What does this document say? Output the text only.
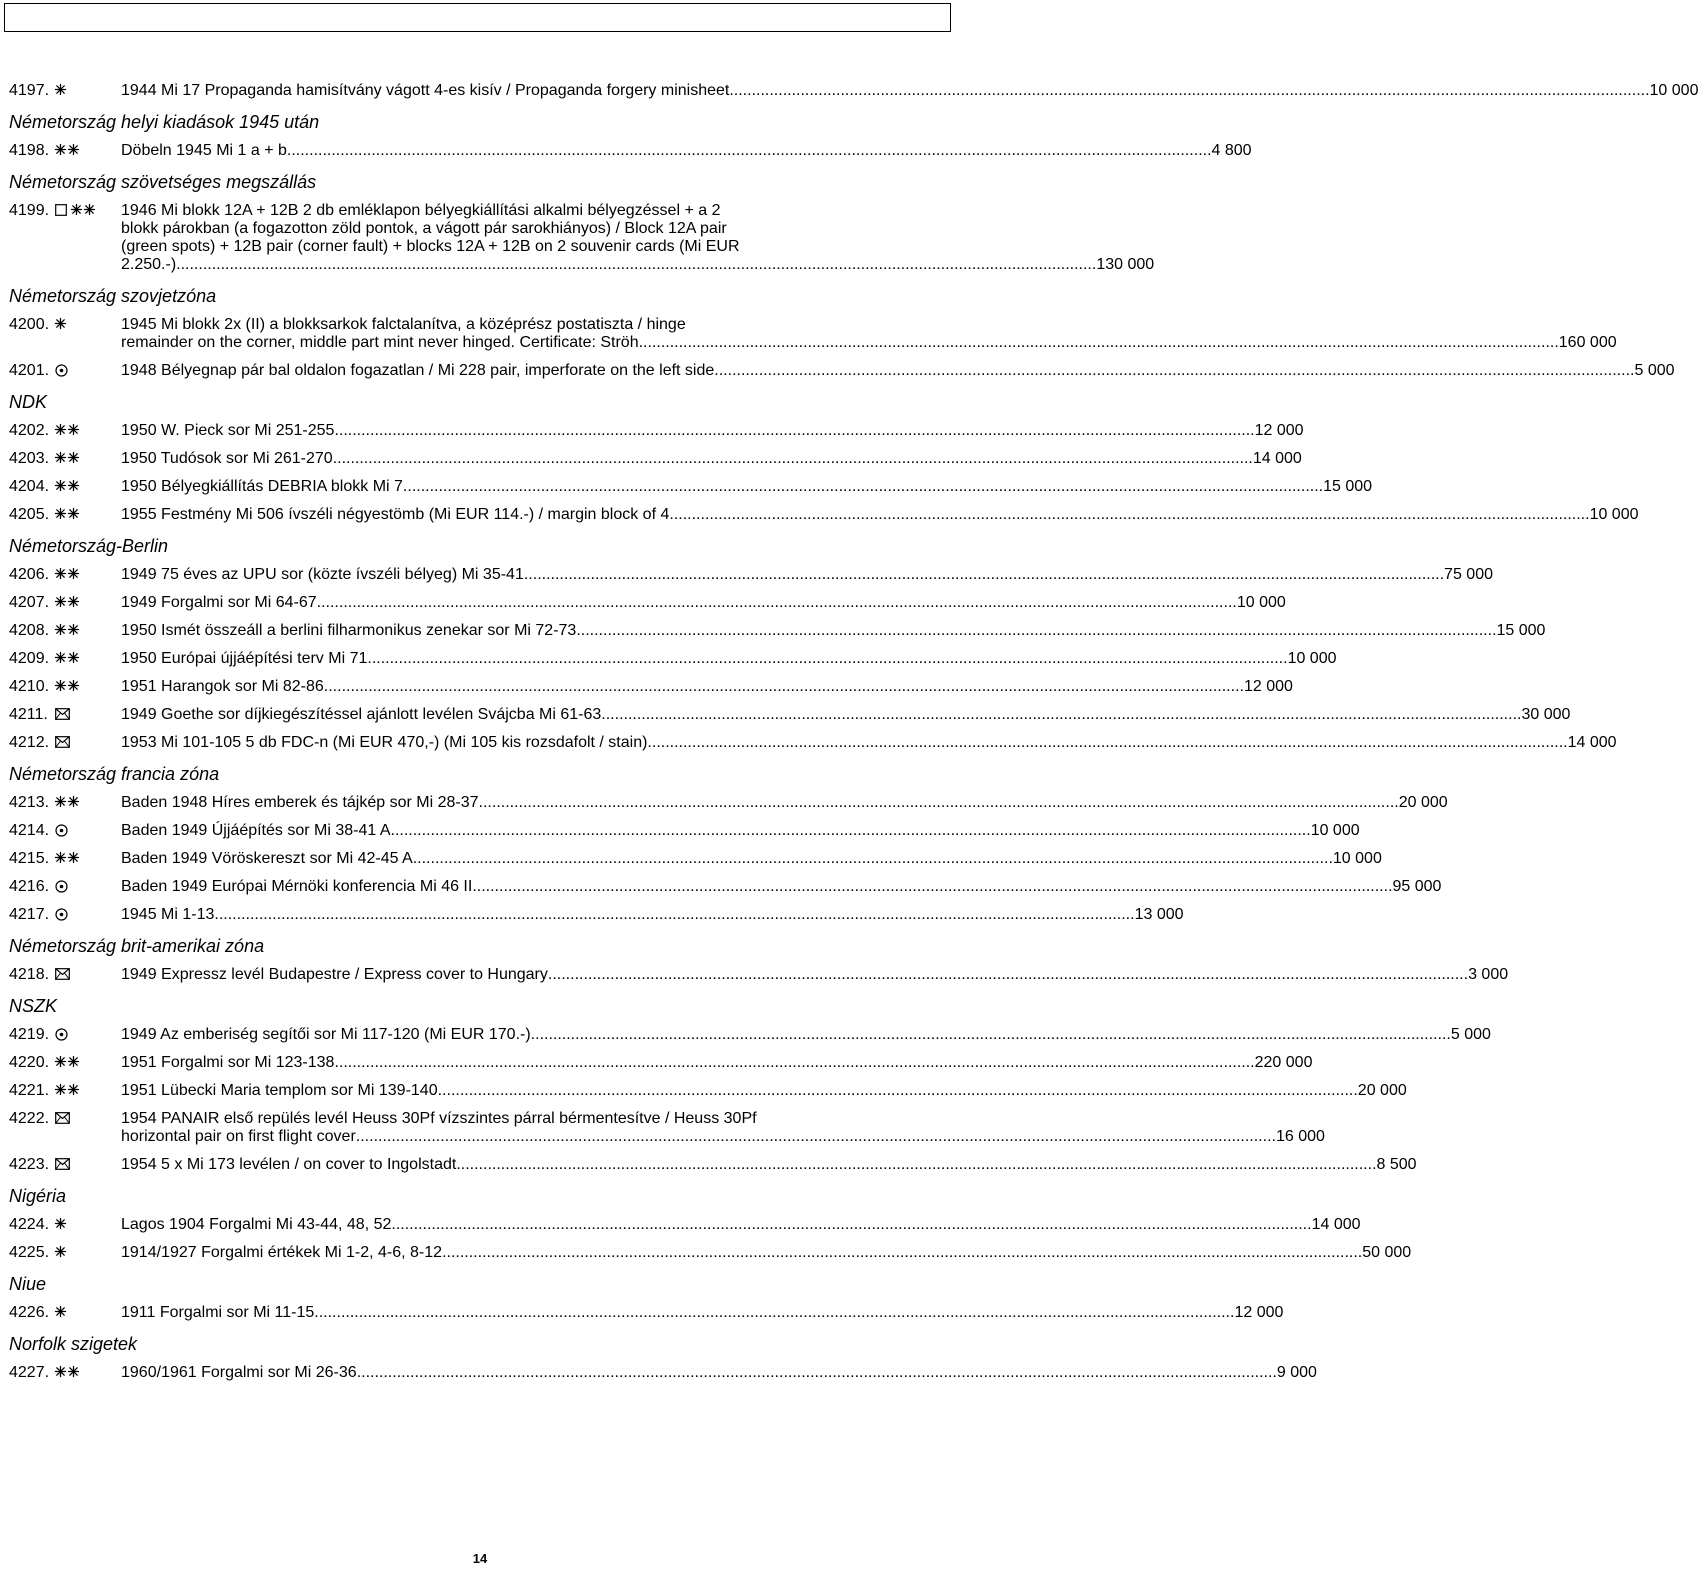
4197.	1944 Mi 17 Propaganda hamisítvány vágott 4-es kisív / Propaganda forgery minisheet .....	10 000
Németország helyi kiadások 1945 után
4198.	Döbeln 1945 Mi 1 a + b. .....	4 800
Németország szövetséges megszállás
4199.	1946 Mi blokk 12A + 12B 2 db emléklapon bélyegkiállítási alkalmi bélyegzéssel + a 2
blokk párokban (a fogazotton zöld pontok, a vágott pár sarokhiányos) / Block 12A pair
(green spots) + 12B pair (corner fault) + blocks 12A + 12B on 2 souvenir cards (Mi EUR
2.250.-) .....	130 000
Németország szovjetzóna
4200.	1945 Mi blokk 2x (II) a blokksarkok falctalanítva, a középrész postatiszta / hinge
remainder on the corner, middle part mint never hinged. Certificate: Ströh .....	160 000
4201.	1948 Bélyegnap pár bal oldalon fogazatlan / Mi 228 pair, imperforate on the left side .....	5 000
NDK
4202.	1950 W. Pieck sor Mi 251-255 .....	12 000
4203.	1950 Tudósok sor Mi 261-270 .....	14 000
4204.	1950 Bélyegkiállítás DEBRIA blokk Mi 7 .....	15 000
4205.	1955 Festmény Mi 506 ívszéli négyestömb (Mi EUR 114.-) / margin block of 4 .....	10 000
Németország-Berlin
4206.	1949 75 éves az UPU sor (közte ívszéli bélyeg) Mi 35-41 .....	75 000
4207.	1949 Forgalmi sor Mi 64-67 .....	10 000
4208.	1950 Ismét összeáll a berlini filharmonikus zenekar sor Mi 72-73 .....	15 000
4209.	1950 Európai újjáépítési terv Mi 71 .....	10 000
4210.	1951 Harangok sor Mi 82-86 .....	12 000
4211.	1949 Goethe sor díjkiegészítéssel ajánlott levélen Svájcba Mi 61-63 .....	30 000
4212.	1953 Mi 101-105 5 db FDC-n (Mi EUR 470,-) (Mi 105 kis rozsdafolt / stain) .....	14 000
Németország francia zóna
4213.	Baden 1948 Híres emberek és tájkép sor Mi 28-37 .....	20 000
4214.	Baden 1949 Újjáépítés sor Mi 38-41 A .....	10 000
4215.	Baden 1949 Vöröskereszt sor Mi 42-45 A .....	10 000
4216.	Baden 1949 Európai Mérnöki konferencia Mi 46 II .....	95 000
4217.	1945 Mi 1-13 .....	13 000
Németország brit-amerikai zóna
4218.	1949 Expressz levél Budapestre / Express cover to Hungary .....	3 000
NSZK
4219.	1949 Az emberiség segítői sor Mi 117-120 (Mi EUR 170.-) .....	5 000
4220.	1951 Forgalmi sor Mi 123-138 .....	220 000
4221.	1951 Lübecki Maria templom sor Mi 139-140 .....	20 000
4222.	1954 PANAIR első repülés levél Heuss 30Pf vízszintes párral bérmentesítve / Heuss 30Pf
horizontal pair on first flight cover .....	16 000
4223.	1954 5 x Mi 173 levélen / on cover to Ingolstadt .....	8 500
Nigéria
4224.	Lagos 1904 Forgalmi Mi 43-44, 48, 52 .....	14 000
4225.	1914/1927 Forgalmi értékek Mi 1-2, 4-6, 8-12 .....	50 000
Niue
4226.	1911 Forgalmi sor Mi 11-15 .....	12 000
Norfolk szigetek
4227.	1960/1961 Forgalmi sor Mi 26-36 .....	9 000
14
